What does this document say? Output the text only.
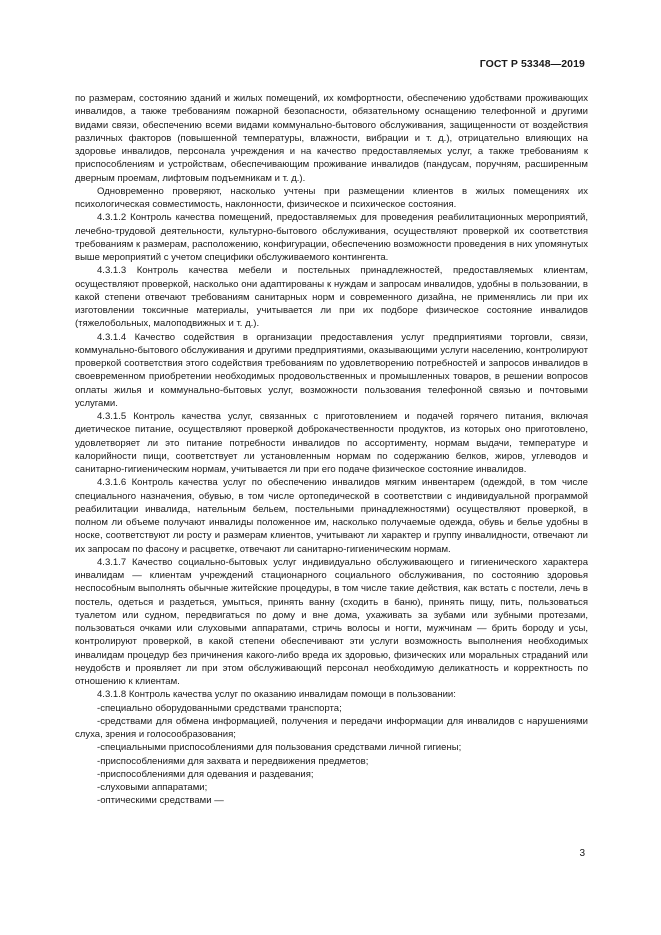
ГОСТ Р 53348—2019

по размерам, состоянию зданий и жилых помещений, их комфортности, обеспечению удобствами проживающих инвалидов, а также требованиям пожарной безопасности, обязательному оснащению телефонной и другими видами связи, обеспечению всеми видами коммунально-бытового обслуживания, защищенности от воздействия различных факторов (повышенной температуры, влажности, вибрации и т. д.), отрицательно влияющих на здоровье инвалидов, персонала учреждения и на качество предоставляемых услуг, а также требованиям к приспособлениям и устройствам, обеспечивающим проживание инвалидов (пандусам, поручням, расширенным дверным проемам, лифтовым подъемникам и т. д.).

Одновременно проверяют, насколько учтены при размещении клиентов в жилых помещениях их психологическая совместимость, наклонности, физическое и психическое состояния.

4.3.1.2 Контроль качества помещений, предоставляемых для проведения реабилитационных мероприятий, лечебно-трудовой деятельности, культурно-бытового обслуживания, осуществляют проверкой их соответствия требованиям к размерам, расположению, конфигурации, обеспечению возможности проведения в них упомянутых выше мероприятий с учетом специфики обслуживаемого контингента.

4.3.1.3 Контроль качества мебели и постельных принадлежностей, предоставляемых клиентам, осуществляют проверкой, насколько они адаптированы к нуждам и запросам инвалидов, удобны в пользовании, в какой степени отвечают требованиям санитарных норм и современного дизайна, не применялись ли при их изготовлении токсичные материалы, учитывается ли при их подборе физическое состояние инвалидов (тяжелобольных, малоподвижных и т. д.).

4.3.1.4 Качество содействия в организации предоставления услуг предприятиями торговли, связи, коммунально-бытового обслуживания и другими предприятиями, оказывающими услуги населению, контролируют проверкой соответствия этого содействия требованиям по удовлетворению потребностей и запросов инвалидов в своевременном приобретении необходимых продовольственных и промышленных товаров, в решении вопросов оплаты жилья и коммунально-бытовых услуг, возможности пользования телефонной связью и почтовыми услугами.

4.3.1.5 Контроль качества услуг, связанных с приготовлением и подачей горячего питания, включая диетическое питание, осуществляют проверкой доброкачественности продуктов, из которых оно приготовлено, удовлетворяет ли это питание потребности инвалидов по ассортименту, нормам выдачи, температуре и калорийности пищи, соответствует ли установленным нормам по содержанию белков, жиров, углеводов и санитарно-гигиеническим нормам, учитывается ли при его подаче физическое состояние инвалидов.

4.3.1.6 Контроль качества услуг по обеспечению инвалидов мягким инвентарем (одеждой, в том числе специального назначения, обувью, в том числе ортопедической в соответствии с индивидуальной программой реабилитации инвалида, нательным бельем, постельными принадлежностями) осуществляют проверкой, в полном ли объеме получают инвалиды положенное им, насколько получаемые одежда, обувь и белье удобны в носке, соответствуют ли росту и размерам клиентов, учитывают ли характер и группу инвалидности, отвечают ли их запросам по фасону и расцветке, отвечают ли санитарно-гигиеническим нормам.

4.3.1.7 Качество социально-бытовых услуг индивидуально обслуживающего и гигиенического характера инвалидам — клиентам учреждений стационарного социального обслуживания, по состоянию здоровья неспособным выполнять обычные житейские процедуры, в том числе такие действия, как встать с постели, лечь в постель, одеться и раздеться, умыться, принять ванну (сходить в баню), принять пищу, пить, пользоваться туалетом или судном, передвигаться по дому и вне дома, ухаживать за зубами или зубными протезами, пользоваться очками или слуховыми аппаратами, стричь волосы и ногти, мужчинам — брить бороду и усы, контролируют проверкой, в какой степени обеспечивают эти услуги возможность выполнения необходимых инвалидам процедур без причинения какого-либо вреда их здоровью, физических или моральных страданий или неудобств и проявляет ли при этом обслуживающий персонал необходимую деликатность и корректность по отношению к клиентам.

4.3.1.8 Контроль качества услуг по оказанию инвалидам помощи в пользовании:

-специально оборудованными средствами транспорта;

-средствами для обмена информацией, получения и передачи информации для инвалидов с нарушениями слуха, зрения и голосообразования;

-специальными приспособлениями для пользования средствами личной гигиены;

-приспособлениями для захвата и передвижения предметов;

-приспособлениями для одевания и раздевания;

-слуховыми аппаратами;

-оптическими средствами —

3
